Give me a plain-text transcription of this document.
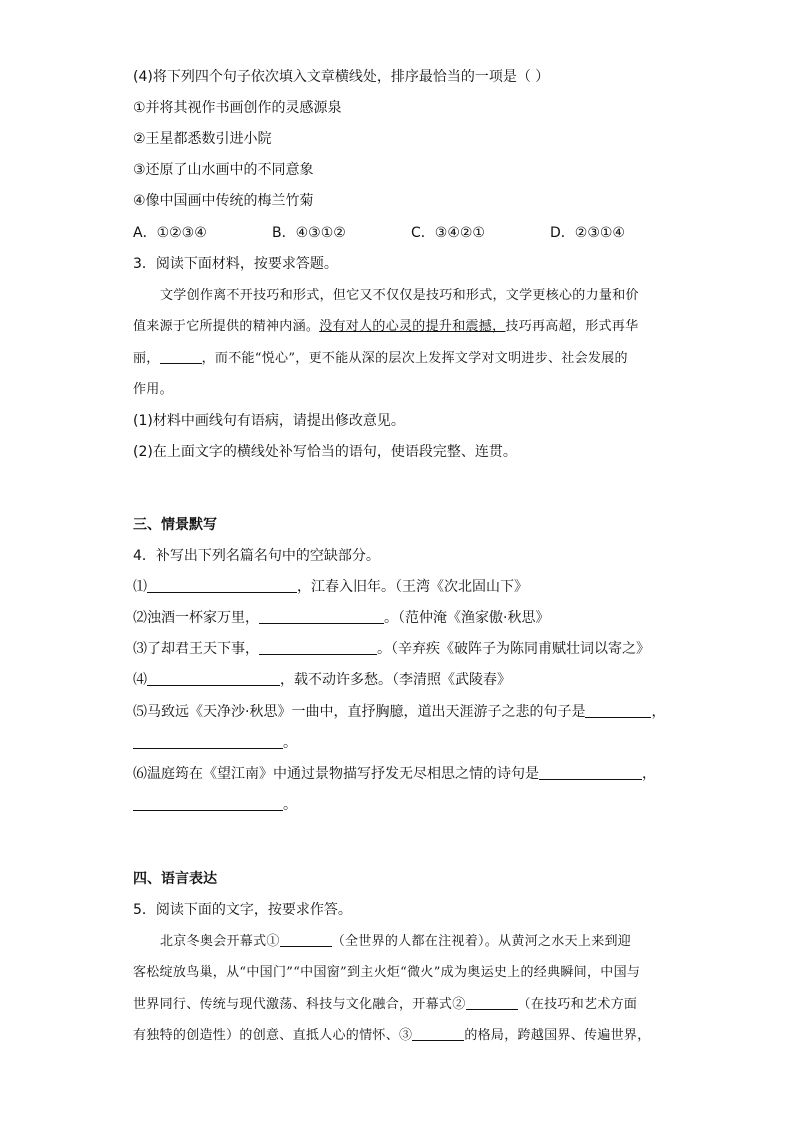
(4)将下列四个句子依次填入文章横线处，排序最恰当的一项是（ ）
①并将其视作书画创作的灵感源泉
②王星都悉数引进小院
③还原了山水画中的不同意象
④像中国画中传统的梅兰竹菊
A．①②③④	B．④③①②	C．③④②①	D．②③①④
3．阅读下面材料，按要求答题。
文学创作离不开技巧和形式，但它又不仅仅是技巧和形式，文学更核心的力量和价
值来源于它所提供的精神内涵。没有对人的心灵的提升和震撼，技巧再高超，形式再华
丽，	，而不能“悦心”，更不能从深的层次上发挥文学对文明进步、社会发展的
作用。
(1)材料中画线句有语病，请提出修改意见。
(2)在上面文字的横线处补写恰当的语句，使语段完整、连贯。
三、情景默写
4．补写出下列名篇名句中的空缺部分。
⑴	，江春入旧年。（王湾《次北固山下》
⑵浊酒一杯家万里，	。（范仲淹《渔家傲·秋思》
⑶了却君王天下事，	。（辛弃疾《破阵子为陈同甫赋壮词以寄之》
⑷	，载不动许多愁。（李清照《武陵春》
⑸马致远《天净沙·秋思》一曲中，直抒胸臆，道出天涯游子之悲的句子是	，
。
⑹温庭筠在《望江南》中通过景物描写抒发无尽相思之情的诗句是	，
。
四、语言表达
5．阅读下面的文字，按要求作答。
北京冬奥会开幕式①	（全世界的人都在注视着）。从黄河之水天上来到迎
客松绽放鸟巢，从“中国门”“中国窗”到主火炬“微火”成为奥运史上的经典瞬间，中国与
世界同行、传统与现代激荡、科技与文化融合，开幕式②	（在技巧和艺术方面
有独特的创造性）的创意、直抵人心的情怀、③	的格局，跨越国界、传遍世界，
